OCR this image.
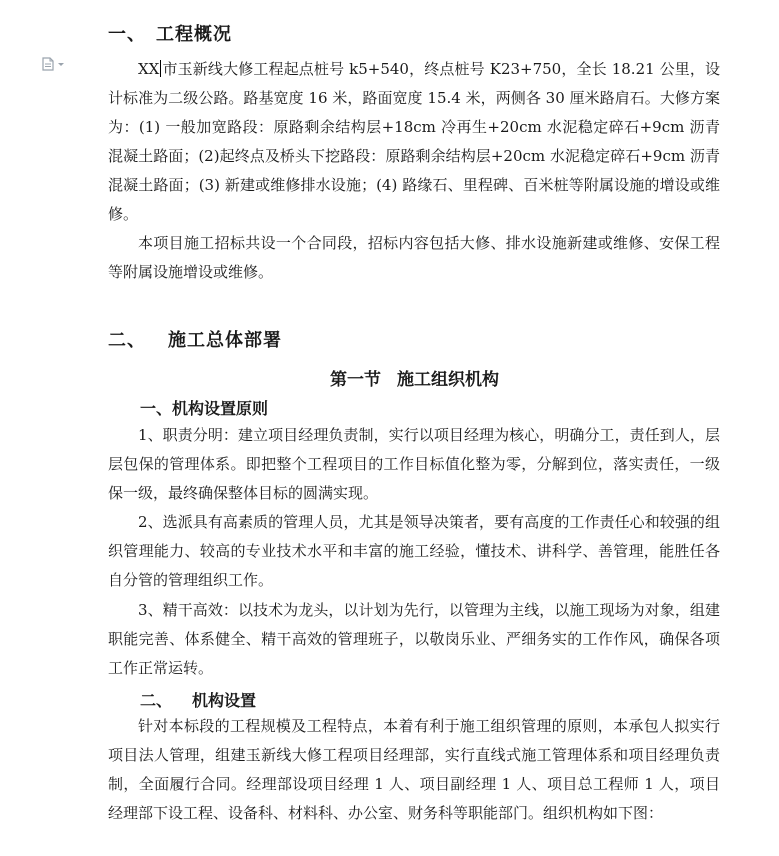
一、 工程概况

XX 市玉新线大修工程起点桩号 k5+540，终点桩号 K23+750，全长 18.21 公里，设计标准为二级公路。路基宽度 16 米，路面宽度 15.4 米，两侧各 30 厘米路肩石。大修方案为：(1) 一般加宽路段：原路剩余结构层+18cm 冷再生+20cm 水泥稳定碎石+9cm 沥青混凝土路面；(2)起终点及桥头下挖路段：原路剩余结构层+20cm 水泥稳定碎石+9cm 沥青混凝土路面；(3) 新建或维修排水设施；(4) 路缘石、里程碑、百米桩等附属设施的增设或维修。

本项目施工招标共设一个合同段，招标内容包括大修、排水设施新建或维修、安保工程等附属设施增设或维修。

二、 施工总体部署
第一节 施工组织机构
一、机构设置原则

1、职责分明：建立项目经理负责制，实行以项目经理为核心，明确分工，责任到人，层层包保的管理体系。即把整个工程项目的工作目标值化整为零，分解到位，落实责任，一级保一级，最终确保整体目标的圆满实现。

2、选派具有高素质的管理人员，尤其是领导决策者，要有高度的工作责任心和较强的组织管理能力、较高的专业技术水平和丰富的施工经验，懂技术、讲科学、善管理，能胜任各自分管的管理组织工作。

3、精干高效：以技术为龙头，以计划为先行，以管理为主线，以施工现场为对象，组建职能完善、体系健全、精干高效的管理班子，以敬岗乐业、严细务实的工作作风，确保各项工作正常运转。

二、 机构设置

针对本标段的工程规模及工程特点，本着有利于施工组织管理的原则，本承包人拟实行项目法人管理，组建玉新线大修工程项目经理部，实行直线式施工管理体系和项目经理负责制，全面履行合同。经理部设项目经理 1 人、项目副经理 1 人、项目总工程师 1 人，项目经理部下设工程、设备科、材料科、办公室、财务科等职能部门。组织机构如下图：
